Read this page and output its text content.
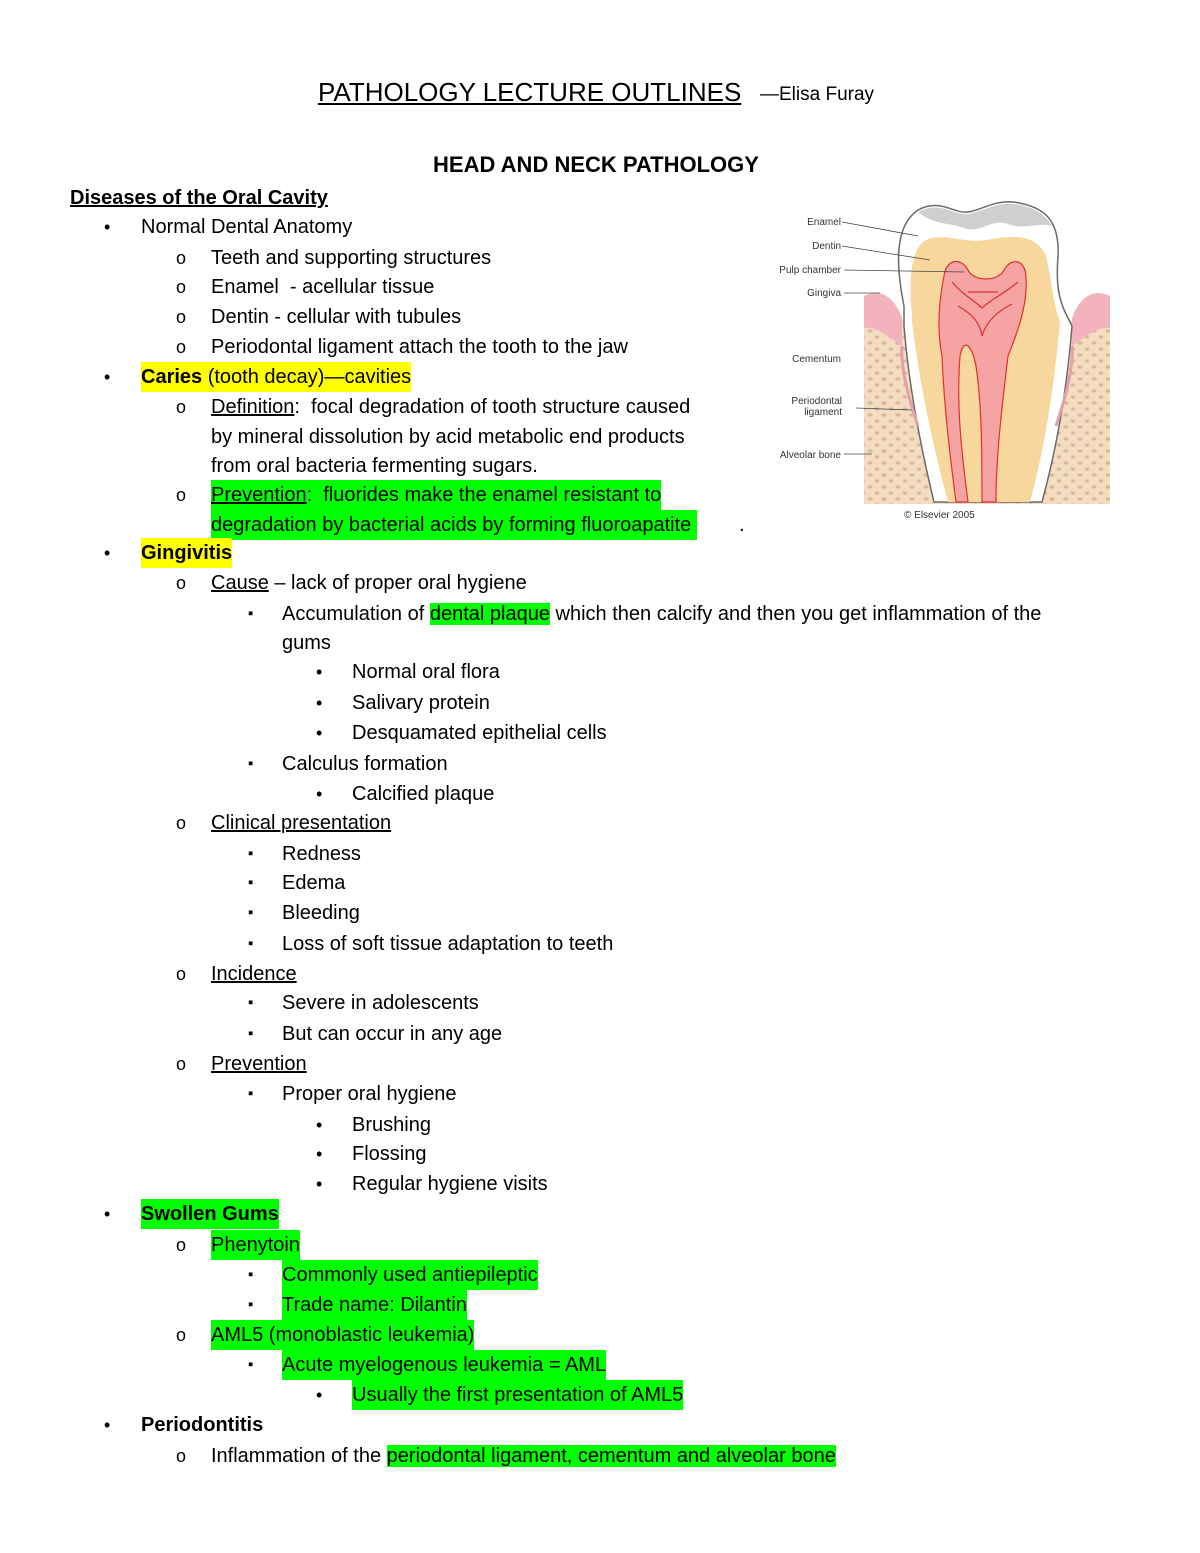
PATHOLOGY LECTURE OUTLINES —Elisa Furay
HEAD AND NECK PATHOLOGY
Diseases of the Oral Cavity
• Normal Dental Anatomy
o Teeth and supporting structures
o Enamel  - acellular tissue
o Dentin - cellular with tubules
o Periodontal ligament attach the tooth to the jaw
• Caries (tooth decay)—cavities
o Definition:  focal degradation of tooth structure caused
by mineral dissolution by acid metabolic end products
from oral bacteria fermenting sugars.
o Prevention:  fluorides make the enamel resistant to
degradation by bacterial acids by forming fluoroapatite .
• Gingivitis
o Cause – lack of proper oral hygiene
▪ Accumulation of dental plaque which then calcify and then you get inflammation of the
gums
• Normal oral flora
• Salivary protein
• Desquamated epithelial cells
▪ Calculus formation
• Calcified plaque
o Clinical presentation
▪ Redness
▪ Edema
▪ Bleeding
▪ Loss of soft tissue adaptation to teeth
o Incidence
▪ Severe in adolescents
▪ But can occur in any age
o Prevention
▪ Proper oral hygiene
• Brushing
• Flossing
• Regular hygiene visits
• Swollen Gums
o Phenytoin
▪ Commonly used antiepileptic
▪ Trade name: Dilantin
o AML5 (monoblastic leukemia)
▪ Acute myelogenous leukemia = AML
• Usually the first presentation of AML5
• Periodontitis
o Inflammation of the periodontal ligament, cementum and alveolar bone
Enamel
Dentin
Pulp chamber
Gingiva
Cementum
Periodontal ligament
Alveolar bone
© Elsevier 2005
